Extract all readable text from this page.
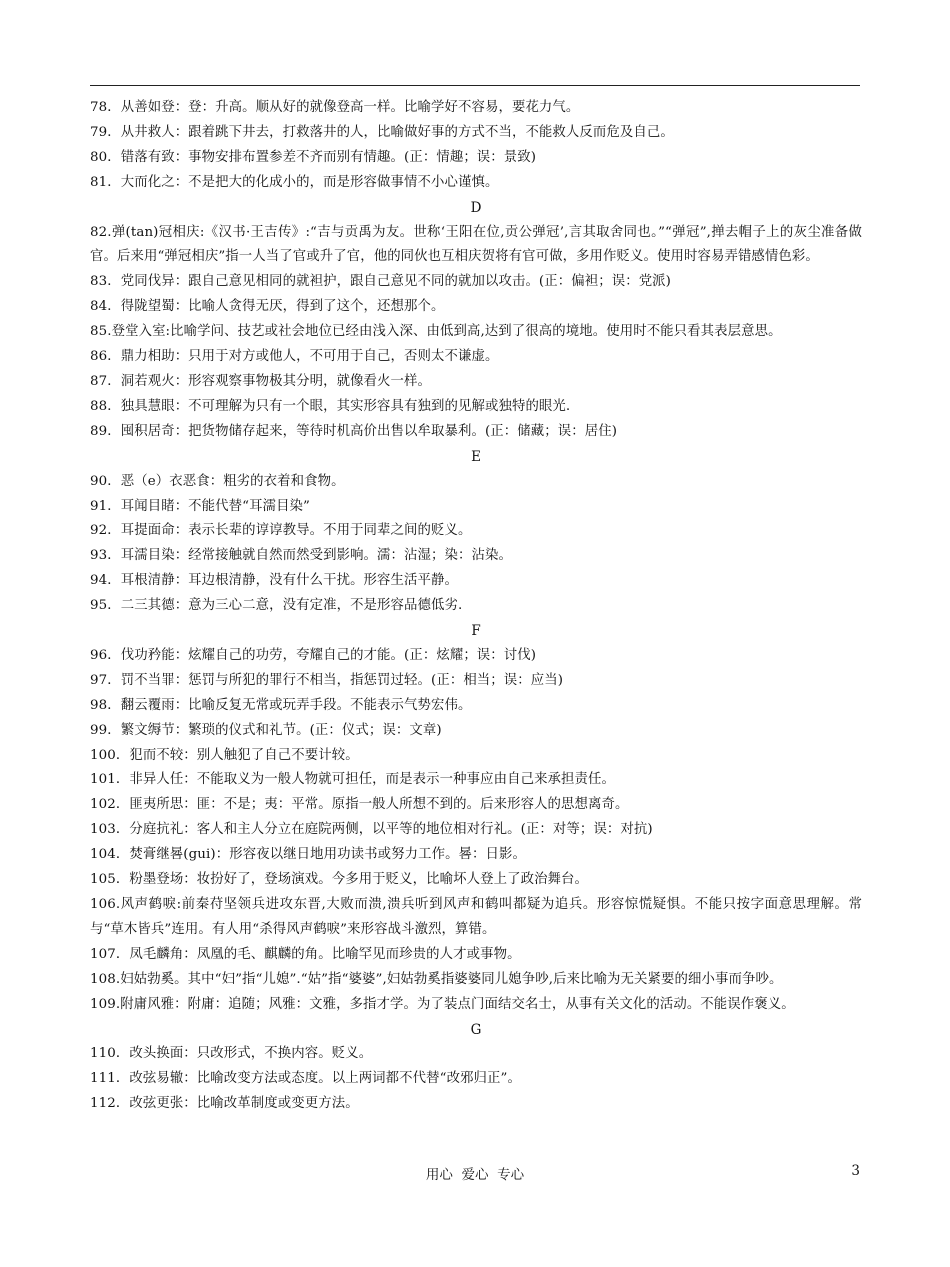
78．从善如登：登：升高。顺从好的就像登高一样。比喻学好不容易，要花力气。
79．从井救人：跟着跳下井去，打救落井的人，比喻做好事的方式不当，不能救人反而危及自己。
80．错落有致：事物安排布置参差不齐而别有情趣。(正：情趣；误：景致)
81．大而化之：不是把大的化成小的，而是形容做事情不小心谨慎。
D
82.弹(tan)冠相庆:《汉书·王吉传》:“吉与贡禹为友。世称‘王阳在位,贡公弹冠’,言其取舍同也。”“弹冠”,掸去帽子上的灰尘准备做官。后来用“弹冠相庆”指一人当了官或升了官，他的同伙也互相庆贺将有官可做，多用作贬义。使用时容易弄错感情色彩。
83．党同伐异：跟自己意见相同的就袒护，跟自己意见不同的就加以攻击。(正：偏袒；误：党派)
84．得陇望蜀：比喻人贪得无厌，得到了这个，还想那个。
85.登堂入室:比喻学问、技艺或社会地位已经由浅入深、由低到高,达到了很高的境地。使用时不能只看其表层意思。
86．鼎力相助：只用于对方或他人，不可用于自己，否则太不谦虚。
87．洞若观火：形容观察事物极其分明，就像看火一样。
88．独具慧眼：不可理解为只有一个眼，其实形容具有独到的见解或独特的眼光.
89．囤积居奇：把货物储存起来，等待时机高价出售以牟取暴利。(正：储藏；误：居住)
E
90．恶（e）衣恶食：粗劣的衣着和食物。
91．耳闻目睹：不能代替“耳濡目染”
92．耳提面命：表示长辈的谆谆教导。不用于同辈之间的贬义。
93．耳濡目染：经常接触就自然而然受到影响。濡：沾湿；染：沾染。
94．耳根清静：耳边根清静，没有什么干扰。形容生活平静。
95．二三其德：意为三心二意，没有定准，不是形容品德低劣.
F
96．伐功矜能：炫耀自己的功劳，夸耀自己的才能。(正：炫耀；误：讨伐)
97．罚不当罪：惩罚与所犯的罪行不相当，指惩罚过轻。(正：相当；误：应当)
98．翻云覆雨：比喻反复无常或玩弄手段。不能表示气势宏伟。
99．繁文缛节：繁琐的仪式和礼节。(正：仪式；误：文章)
100．犯而不较：别人触犯了自己不要计较。
101．非异人任：不能取义为一般人物就可担任，而是表示一种事应由自己来承担责任。
102．匪夷所思：匪：不是；夷：平常。原指一般人所想不到的。后来形容人的思想离奇。
103．分庭抗礼：客人和主人分立在庭院两侧，以平等的地位相对行礼。(正：对等；误：对抗)
104．焚膏继晷(gui)：形容夜以继日地用功读书或努力工作。晷：日影。
105．粉墨登场：妆扮好了，登场演戏。今多用于贬义，比喻坏人登上了政治舞台。
106.风声鹤唳:前秦苻坚领兵进攻东晋,大败而溃,溃兵听到风声和鹤叫都疑为追兵。形容惊慌疑惧。不能只按字面意思理解。常与“草木皆兵”连用。有人用“杀得风声鹤唳”来形容战斗激烈，算错。
107．凤毛麟角：凤凰的毛、麒麟的角。比喻罕见而珍贵的人才或事物。
108.妇姑勃奚。其中“妇”指“儿媳”.“姑”指“婆婆”,妇姑勃奚指婆婆同儿媳争吵,后来比喻为无关紧要的细小事而争吵。
109.附庸风雅：附庸：追随；风雅：文雅，多指才学。为了装点门面结交名士，从事有关文化的活动。不能误作褒义。
G
110．改头换面：只改形式，不换内容。贬义。
111．改弦易辙：比喻改变方法或态度。以上两词都不代替“改邪归正”。
112．改弦更张：比喻改革制度或变更方法。
用心  爱心  专心	3
